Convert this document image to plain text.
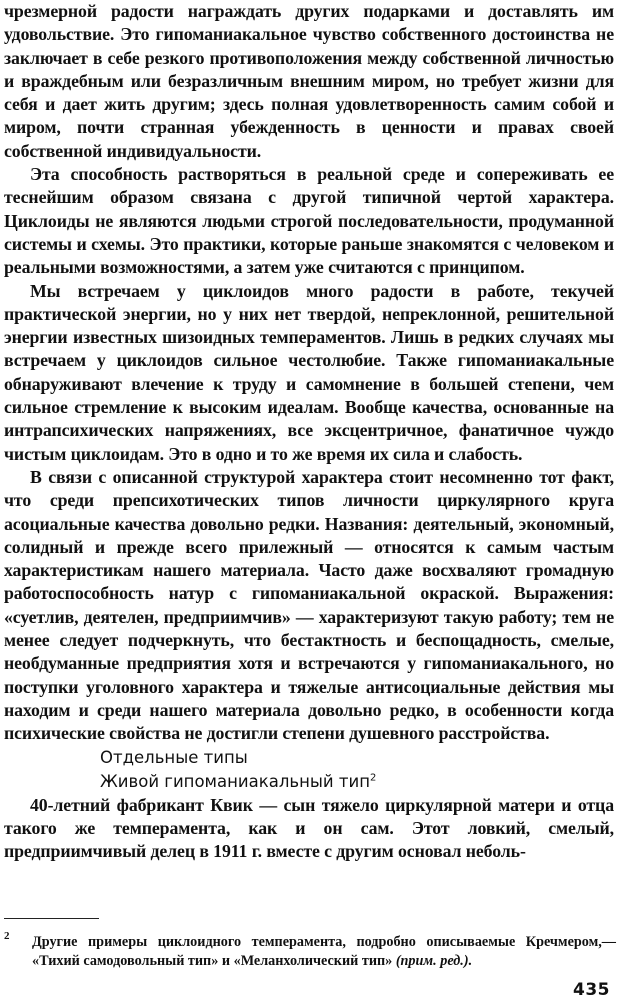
чрезмерной радости награждать других подарками и доставлять им удовольствие. Это гипоманиакальное чувство собственного достоинства не заключает в себе резкого противоположения между собственной личностью и враждебным или безразличным внешним миром, но требует жизни для себя и дает жить другим; здесь полная удовлетворенность самим собой и миром, почти странная убежденность в ценности и правах своей собственной индивидуальности.

Эта способность растворяться в реальной среде и сопереживать ее теснейшим образом связана с другой типичной чертой характера. Циклоиды не являются людьми строгой последовательности, продуманной системы и схемы. Это практики, которые раньше знакомятся с человеком и реальными возможностями, а затем уже считаются с принципом.

Мы встречаем у циклоидов много радости в работе, текучей практической энергии, но у них нет твердой, непреклонной, решительной энергии известных шизоидных темпераментов. Лишь в редких случаях мы встречаем у циклоидов сильное честолюбие. Также гипоманиакальные обнаруживают влечение к труду и самомнение в большей степени, чем сильное стремление к высоким идеалам. Вообще качества, основанные на интрапсихических напряжениях, все эксцентричное, фанатичное чуждо чистым циклоидам. Это в одно и то же время их сила и слабость.

В связи с описанной структурой характера стоит несомненно тот факт, что среди препсихотических типов личности циркулярного круга асоциальные качества довольно редки. Названия: деятельный, экономный, солидный и прежде всего прилежный — относятся к самым частым характеристикам нашего материала. Часто даже восхваляют громадную работоспособность натур с гипоманиакальной окраской. Выражения: «суетлив, деятелен, предприимчив» — характеризуют такую работу; тем не менее следует подчеркнуть, что бестактность и беспощадность, смелые, необдуманные предприятия хотя и встречаются у гипоманиакального, но поступки уголовного характера и тяжелые антисоциальные действия мы находим и среди нашего материала довольно редко, в особенности когда психические свойства не достигли степени душевного расстройства.

Отдельные типы

Живой гипоманиакальный тип$^2$

40-летний фабрикант Квик — сын тяжело циркулярной матери и отца такого же темперамента, как и он сам. Этот ловкий, смелый, предприимчивый делец в 1911 г. вместе с другим основал неболь-

2	Другие примеры циклоидного темперамента, подробно описываемые Кречмером,— «Тихий самодовольный тип» и «Меланхолический тип» (прим. ред.).
435
